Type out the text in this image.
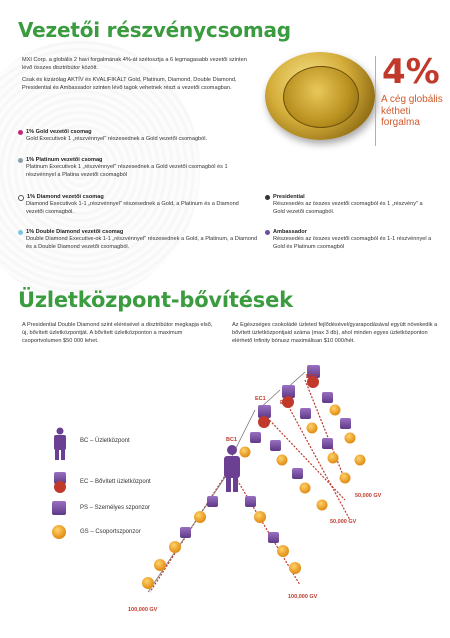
Vezetői részvénycsomag

MXI Corp. a globális 2 havi forgalmának 4%-át szétosztja a 6 legmagasabb vezetői szinten lévő összes disztribútor között.

Csak és kizárólag AKTÍV és KVALIFIKÁLT Gold, Platinum, Diamond, Double Diamond, Presidential és Ambassador szinten lévő tagok vehetnek részt a vezetői csomagban.	4%
A cég globális kétheti forgalma
1% Gold vezetői csomag
Gold Executivok 1 „részvénnyel" részesednek a Gold vezetői csomagból.
1% Platinum vezetői csomag
Platinum Executivok 1 „részvénnyel" részesednek a Gold vezetői csomagból és 1 részvénnyel a Platina vezetői csomagból
1% Diamond vezetői csomag
Diamond Executivok 1-1 „részvénnyel" részesednek a Gold, a Platinum és a Diamond vezetői csomagból.
1% Double Diamond vezetői csomag
Double Diamond Executive-ok 1-1 „részvénnyel" részesednek a Gold, a Platinum, a Diamond és a Double Diamond vezetői csomagból.
Presidential
Részesedés az összes vezetői csomagból és 1 „részvény" a Gold vezetői csomagból.
Ambassador
Részesedés az összes vezetői csomagból és 1-1 részvénnyel a Gold és Platinum csomagból
Üzletközpont-bővítések
A Presidential Double Diamond szint elérésével a disztribútor megkapja első, új, bővített üzletközpontját. A bővített üzletközponton a maximum csoportvolumen $50 000 lehet.
Az Egészséges csokoládé üzleted fejlődésével/gyarapodásával együtt növekedik a bővített üzletközpontjaid száma (max 3 db), ahol minden egyes üzletközponton elérhető Infinity bónusz maximálisan $10 000/hét.
EC3
EC2
EC1
BC1
50,000 GV
50,000 GV
100,000 GV
100,000 GV
BC – Üzletközpont
EC – Bővített üzletközpont
PS – Személyes szponzor
GS – Csoportszponzor
